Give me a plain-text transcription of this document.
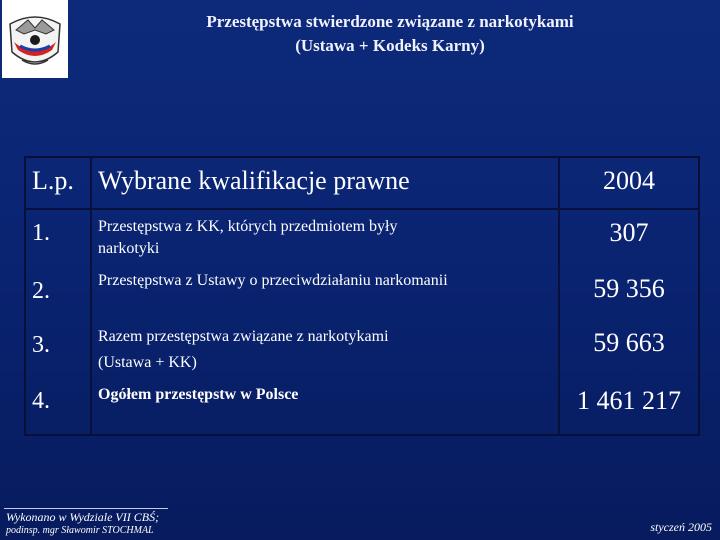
Przestępstwa stwierdzone związane z narkotykami
(Ustawa + Kodeks Karny)
L.p. Wybrane kwalifikacje prawne	2004
1.	Przestępstwa z KK, których przedmiotem były
narkotyki
307
2.	Przestępstwa z Ustawy o przeciwdziałaniu narkomanii	59 356
3.	Razem przestępstwa związane z narkotykami
(Ustawa + KK)
59 663
4.	Ogółem przestępstw w Polsce	1 461 217
Wykonano w Wydziale VII CBŚ;
podinsp. mgr Sławomir STOCHMAL	styczeń 2005
